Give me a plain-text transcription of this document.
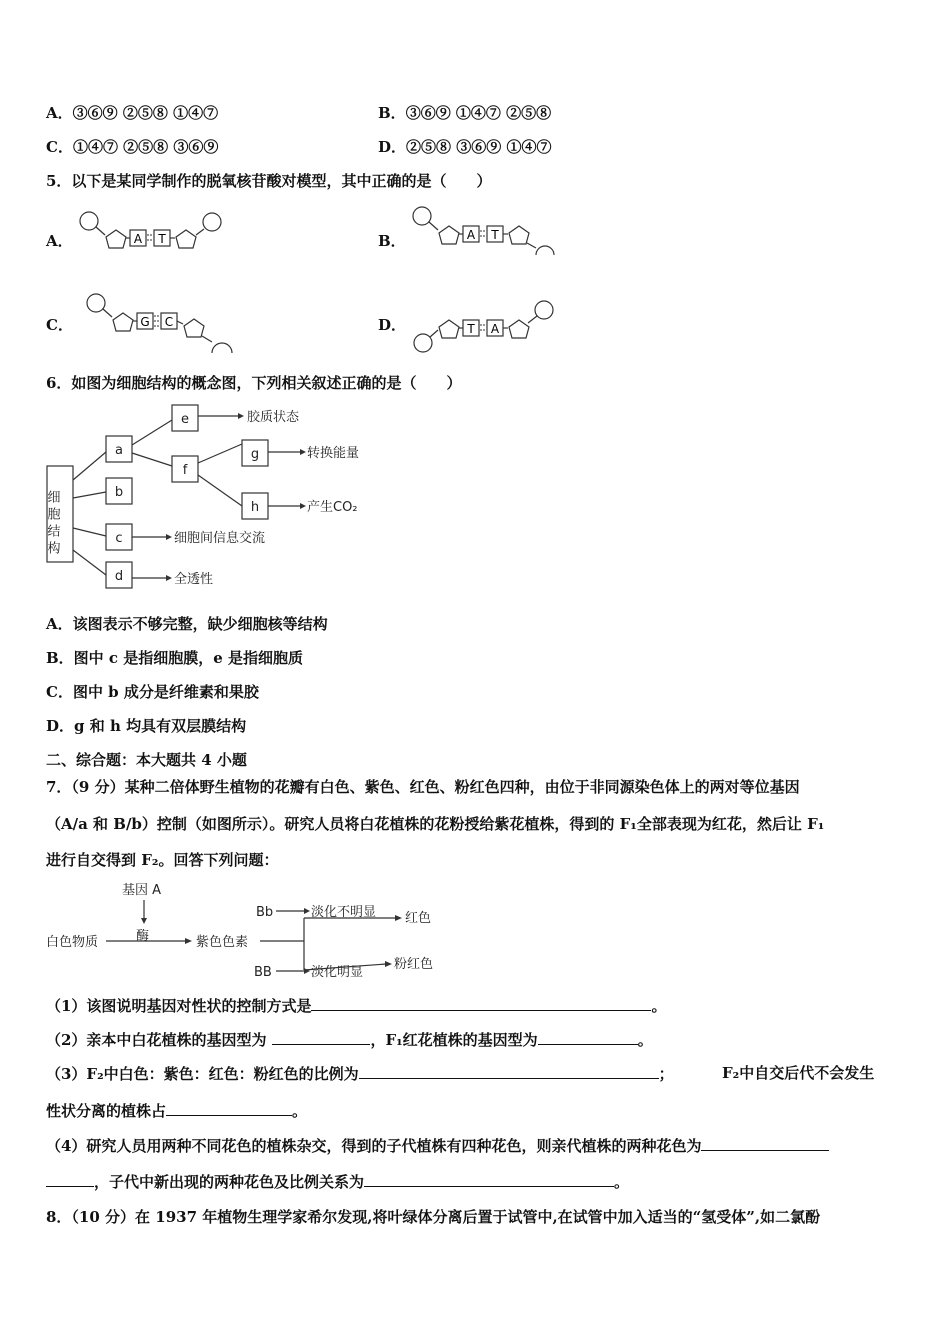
A．③⑥⑨ ②⑤⑧ ①④⑦	B．③⑥⑨ ①④⑦ ②⑤⑧
C．①④⑦ ②⑤⑧ ③⑥⑨	D．②⑤⑧ ③⑥⑨ ①④⑦
5．以下是某同学制作的脱氧核苷酸对模型，其中正确的是（　　）
A．	A T	B．	A T
C．	G C	D．	T A
6．如图为细胞结构的概念图，下列相关叙述正确的是（　　）
细胞结构
a
b
c
d
e
f
g
h
胶质状态
转换能量
产生CO₂
细胞间信息交流
全透性
A．该图表示不够完整，缺少细胞核等结构
B．图中 c 是指细胞膜，e 是指细胞质
C．图中 b 成分是纤维素和果胶
D．g 和 h 均具有双层膜结构
二、综合题：本大题共 4 小题
7．（9 分）某种二倍体野生植物的花瓣有白色、紫色、红色、粉红色四种，由位于非同源染色体上的两对等位基因
（A/a 和 B/b）控制（如图所示）。研究人员将白花植株的花粉授给紫花植株，得到的 F₁全部表现为红花，然后让 F₁
进行自交得到 F₂。回答下列问题：
基因 A
酶
白色物质	紫色色素
Bb
BB
淡化不明显
淡化明显
红色
粉红色
（1）该图说明基因对性状的控制方式是	。
（2）亲本中白花植株的基因型为	，F₁红花植株的基因型为	。
（3）F₂中白色：紫色：红色：粉红色的比例为	；	F₂中自交后代不会发生
性状分离的植株占	。
（4）研究人员用两种不同花色的植株杂交，得到的子代植株有四种花色，则亲代植株的两种花色为
，子代中新出现的两种花色及比例关系为	。
8．（10 分）在 1937 年植物生理学家希尔发现,将叶绿体分离后置于试管中,在试管中加入适当的“氢受体”,如二氯酚
